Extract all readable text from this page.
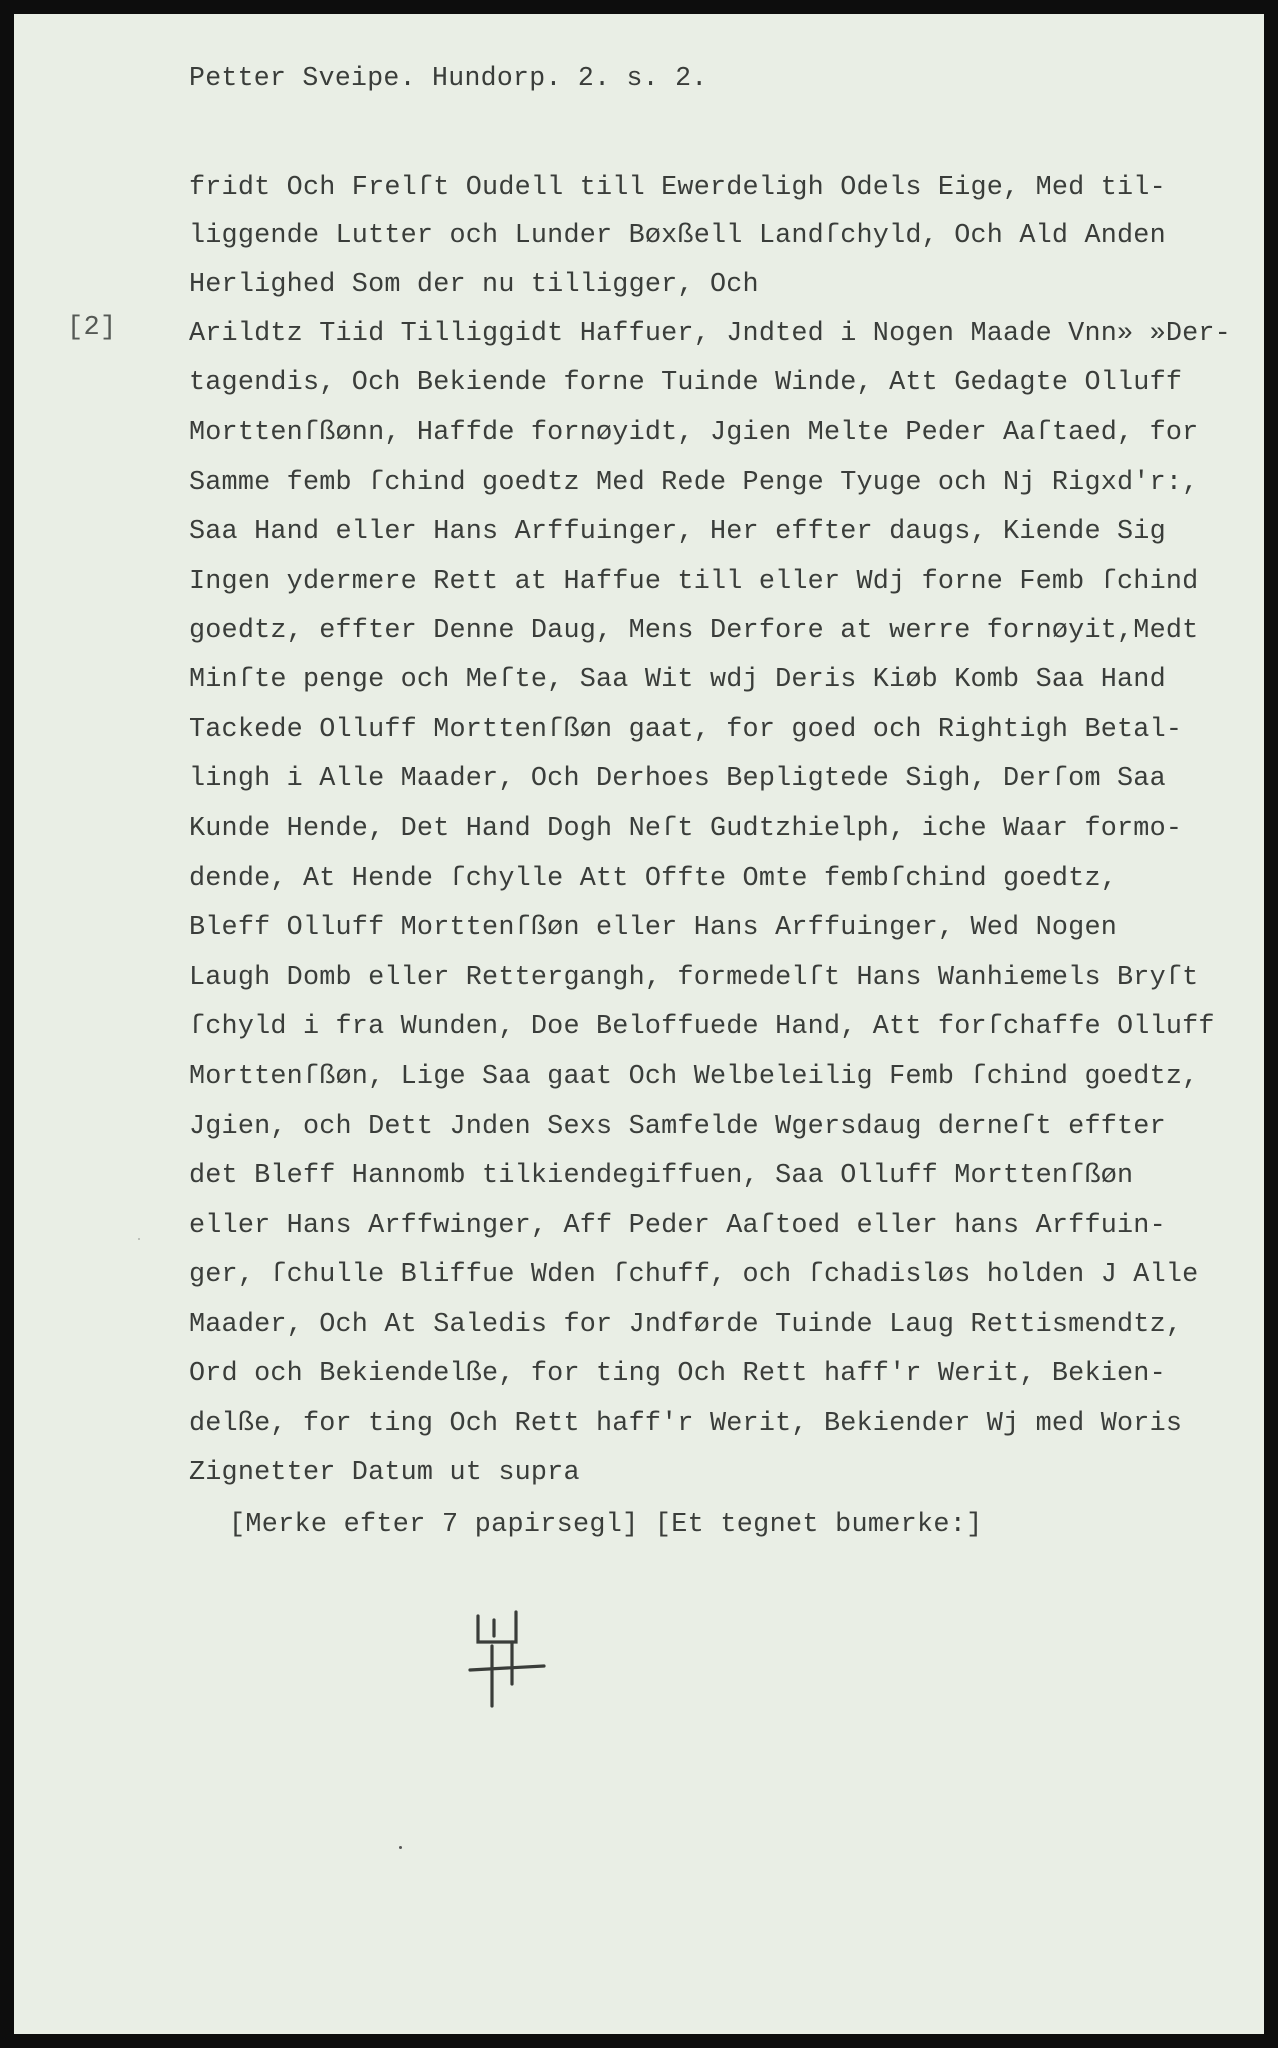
Petter Sveipe. Hundorp. 2. s. 2.
[2]
fridt Och Frelſt Oudell till Ewerdeligh Odels Eige, Med til-
liggende Lutter och Lunder Bøxßell Landſchyld, Och Ald Anden
Herlighed Som der nu tilligger, Och
Arildtz Tiid Tilliggidt Haffuer, Jndted i Nogen Maade Vnn» »Der-
tagendis, Och Bekiende forne Tuinde Winde, Att Gedagte Olluff
Morttenſßønn, Haffde fornøyidt, Jgien Melte Peder Aaſtaed, for
Samme femb ſchind goedtz Med Rede Penge Tyuge och Nj Rigxd'r:,
Saa Hand eller Hans Arffuinger, Her effter daugs, Kiende Sig
Ingen ydermere Rett at Haffue till eller Wdj forne Femb ſchind
goedtz, effter Denne Daug, Mens Derfore at werre fornøyit,Medt
Minſte penge och Meſte, Saa Wit wdj Deris Kiøb Komb Saa Hand
Tackede Olluff Morttenſßøn gaat, for goed och Rightigh Betal-
lingh i Alle Maader, Och Derhoes Bepligtede Sigh, Derſom Saa
Kunde Hende, Det Hand Dogh Neſt Gudtzhielph, iche Waar formo-
dende, At Hende ſchylle Att Offte Omte fembſchind goedtz,
Bleff Olluff Morttenſßøn eller Hans Arffuinger, Wed Nogen
Laugh Domb eller Rettergangh, formedelſt Hans Wanhiemels Bryſt
ſchyld i fra Wunden, Doe Beloffuede Hand, Att forſchaffe Olluff
Morttenſßøn, Lige Saa gaat Och Welbeleilig Femb ſchind goedtz,
Jgien, och Dett Jnden Sexs Samfelde Wgersdaug derneſt effter
det Bleff Hannomb tilkiendegiffuen, Saa Olluff Morttenſßøn
eller Hans Arffwinger, Aff Peder Aaſtoed eller hans Arffuin-
ger, ſchulle Bliffue Wden ſchuff, och ſchadisløs holden J Alle
Maader, Och At Saledis for Jndførde Tuinde Laug Rettismendtz,
Ord och Bekiendelße, for ting Och Rett haff'r Werit, Bekien-
delße, for ting Och Rett haff'r Werit, Bekiender Wj med Woris
Zignetter Datum ut supra
[Merke efter 7 papirsegl] [Et tegnet bumerke:]
